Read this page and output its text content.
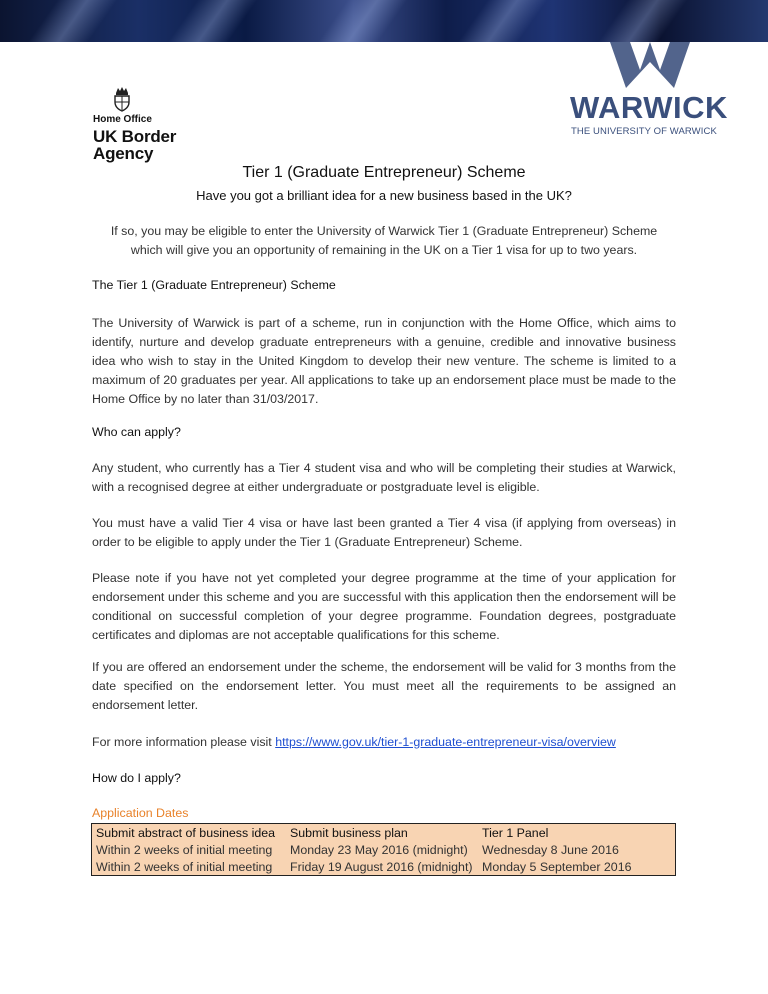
Home Office
UK Border
Agency
WARWICK
THE UNIVERSITY OF WARWICK
Tier 1 (Graduate Entrepreneur) Scheme
Have you got a brilliant idea for a new business based in the UK?
If so, you may be eligible to enter the University of Warwick Tier 1 (Graduate Entrepreneur) Scheme which will give you an opportunity of remaining in the UK on a Tier 1 visa for up to two years.
The Tier 1 (Graduate Entrepreneur) Scheme

The University of Warwick is part of a scheme, run in conjunction with the Home Office, which aims to identify, nurture and develop graduate entrepreneurs with a genuine, credible and innovative business idea who wish to stay in the United Kingdom to develop their new venture. The scheme is limited to a maximum of 20 graduates per year. All applications to take up an endorsement place must be made to the Home Office by no later than 31/03/2017.

Who can apply?

Any student, who currently has a Tier 4 student visa and who will be completing their studies at Warwick, with a recognised degree at either undergraduate or postgraduate level is eligible.

You must have a valid Tier 4 visa or have last been granted a Tier 4 visa (if applying from overseas) in order to be eligible to apply under the Tier 1 (Graduate Entrepreneur) Scheme.

Please note if you have not yet completed your degree programme at the time of your application for endorsement under this scheme and you are successful with this application then the endorsement will be conditional on successful completion of your degree programme. Foundation degrees, postgraduate certificates and diplomas are not acceptable qualifications for this scheme.

If you are offered an endorsement under the scheme, the endorsement will be valid for 3 months from the date specified on the endorsement letter. You must meet all the requirements to be assigned an endorsement letter.

For more information please visit https://www.gov.uk/tier-1-graduate-entrepreneur-visa/overview

How do I apply?
Application Dates
Submit abstract of business idea	Submit business plan	Tier 1 Panel
Within 2 weeks of initial meeting	Monday 23 May 2016 (midnight)	Wednesday 8 June 2016
Within 2 weeks of initial meeting	Friday 19 August 2016 (midnight)	Monday 5 September 2016
